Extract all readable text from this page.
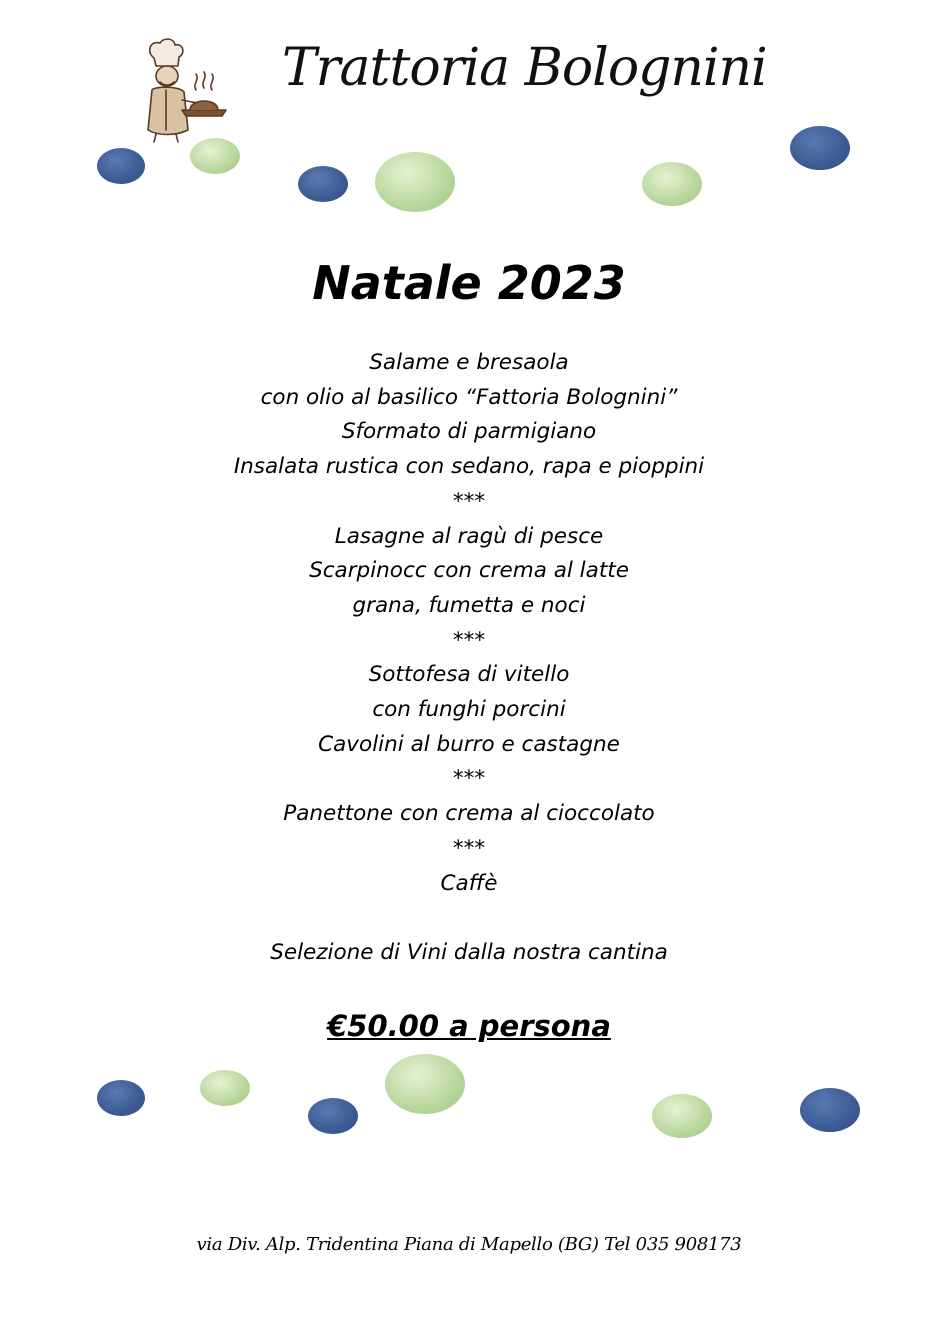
Trattoria Bolognini
Natale 2023
Salame e bresaola
con olio al basilico “Fattoria Bolognini”
Sformato di parmigiano
Insalata rustica con sedano, rapa e pioppini
***
Lasagne al ragù di pesce
Scarpinocc con crema al latte
grana, fumetta e noci
***
Sottofesa di vitello
con funghi porcini
Cavolini al burro e castagne
***
Panettone con crema al cioccolato
***
Caffè
Selezione di Vini dalla nostra cantina
€50.00 a persona
via Div. Alp. Tridentina Piana di Mapello (BG) Tel 035 908173
